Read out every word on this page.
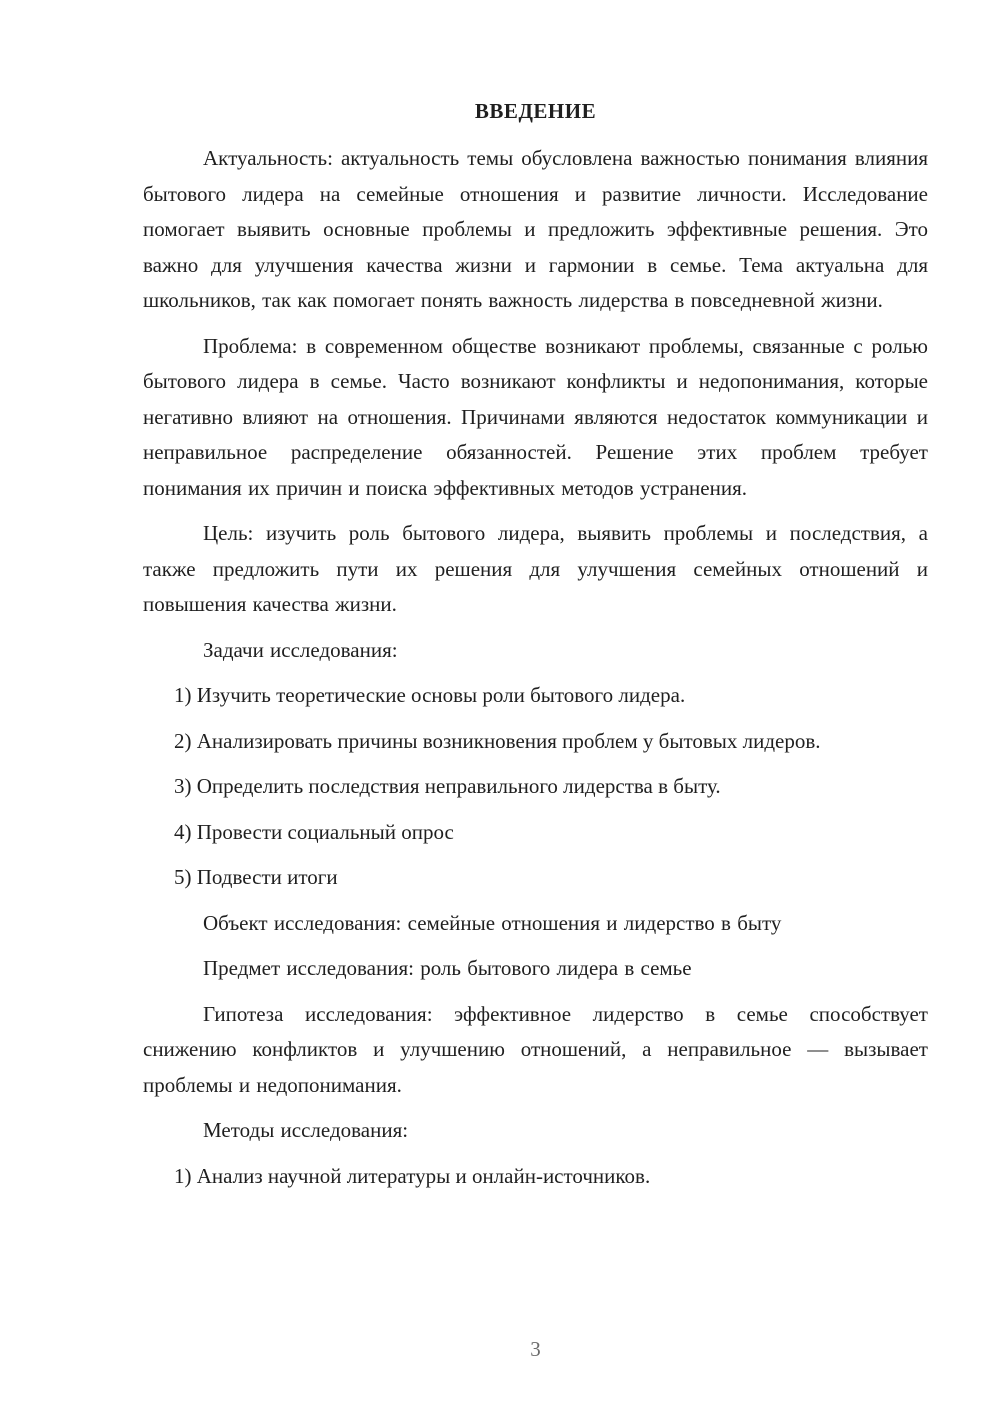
ВВЕДЕНИЕ

Актуальность: актуальность темы обусловлена важностью понимания влияния бытового лидера на семейные отношения и развитие личности. Исследование помогает выявить основные проблемы и предложить эффективные решения. Это важно для улучшения качества жизни и гармонии в семье. Тема актуальна для школьников, так как помогает понять важность лидерства в повседневной жизни.

Проблема: в современном обществе возникают проблемы, связанные с ролью бытового лидера в семье. Часто возникают конфликты и недопонимания, которые негативно влияют на отношения. Причинами являются недостаток коммуникации и неправильное распределение обязанностей. Решение этих проблем требует понимания их причин и поиска эффективных методов устранения.

Цель: изучить роль бытового лидера, выявить проблемы и последствия, а также предложить пути их решения для улучшения семейных отношений и повышения качества жизни.

Задачи исследования:

1) Изучить теоретические основы роли бытового лидера.

2) Анализировать причины возникновения проблем у бытовых лидеров.

3) Определить последствия неправильного лидерства в быту.

4) Провести социальный опрос

5) Подвести итоги

Объект исследования: семейные отношения и лидерство в быту

Предмет исследования: роль бытового лидера в семье

Гипотеза исследования: эффективное лидерство в семье способствует снижению конфликтов и улучшению отношений, а неправильное — вызывает проблемы и недопонимания.

Методы исследования:

1) Анализ научной литературы и онлайн-источников.

3
